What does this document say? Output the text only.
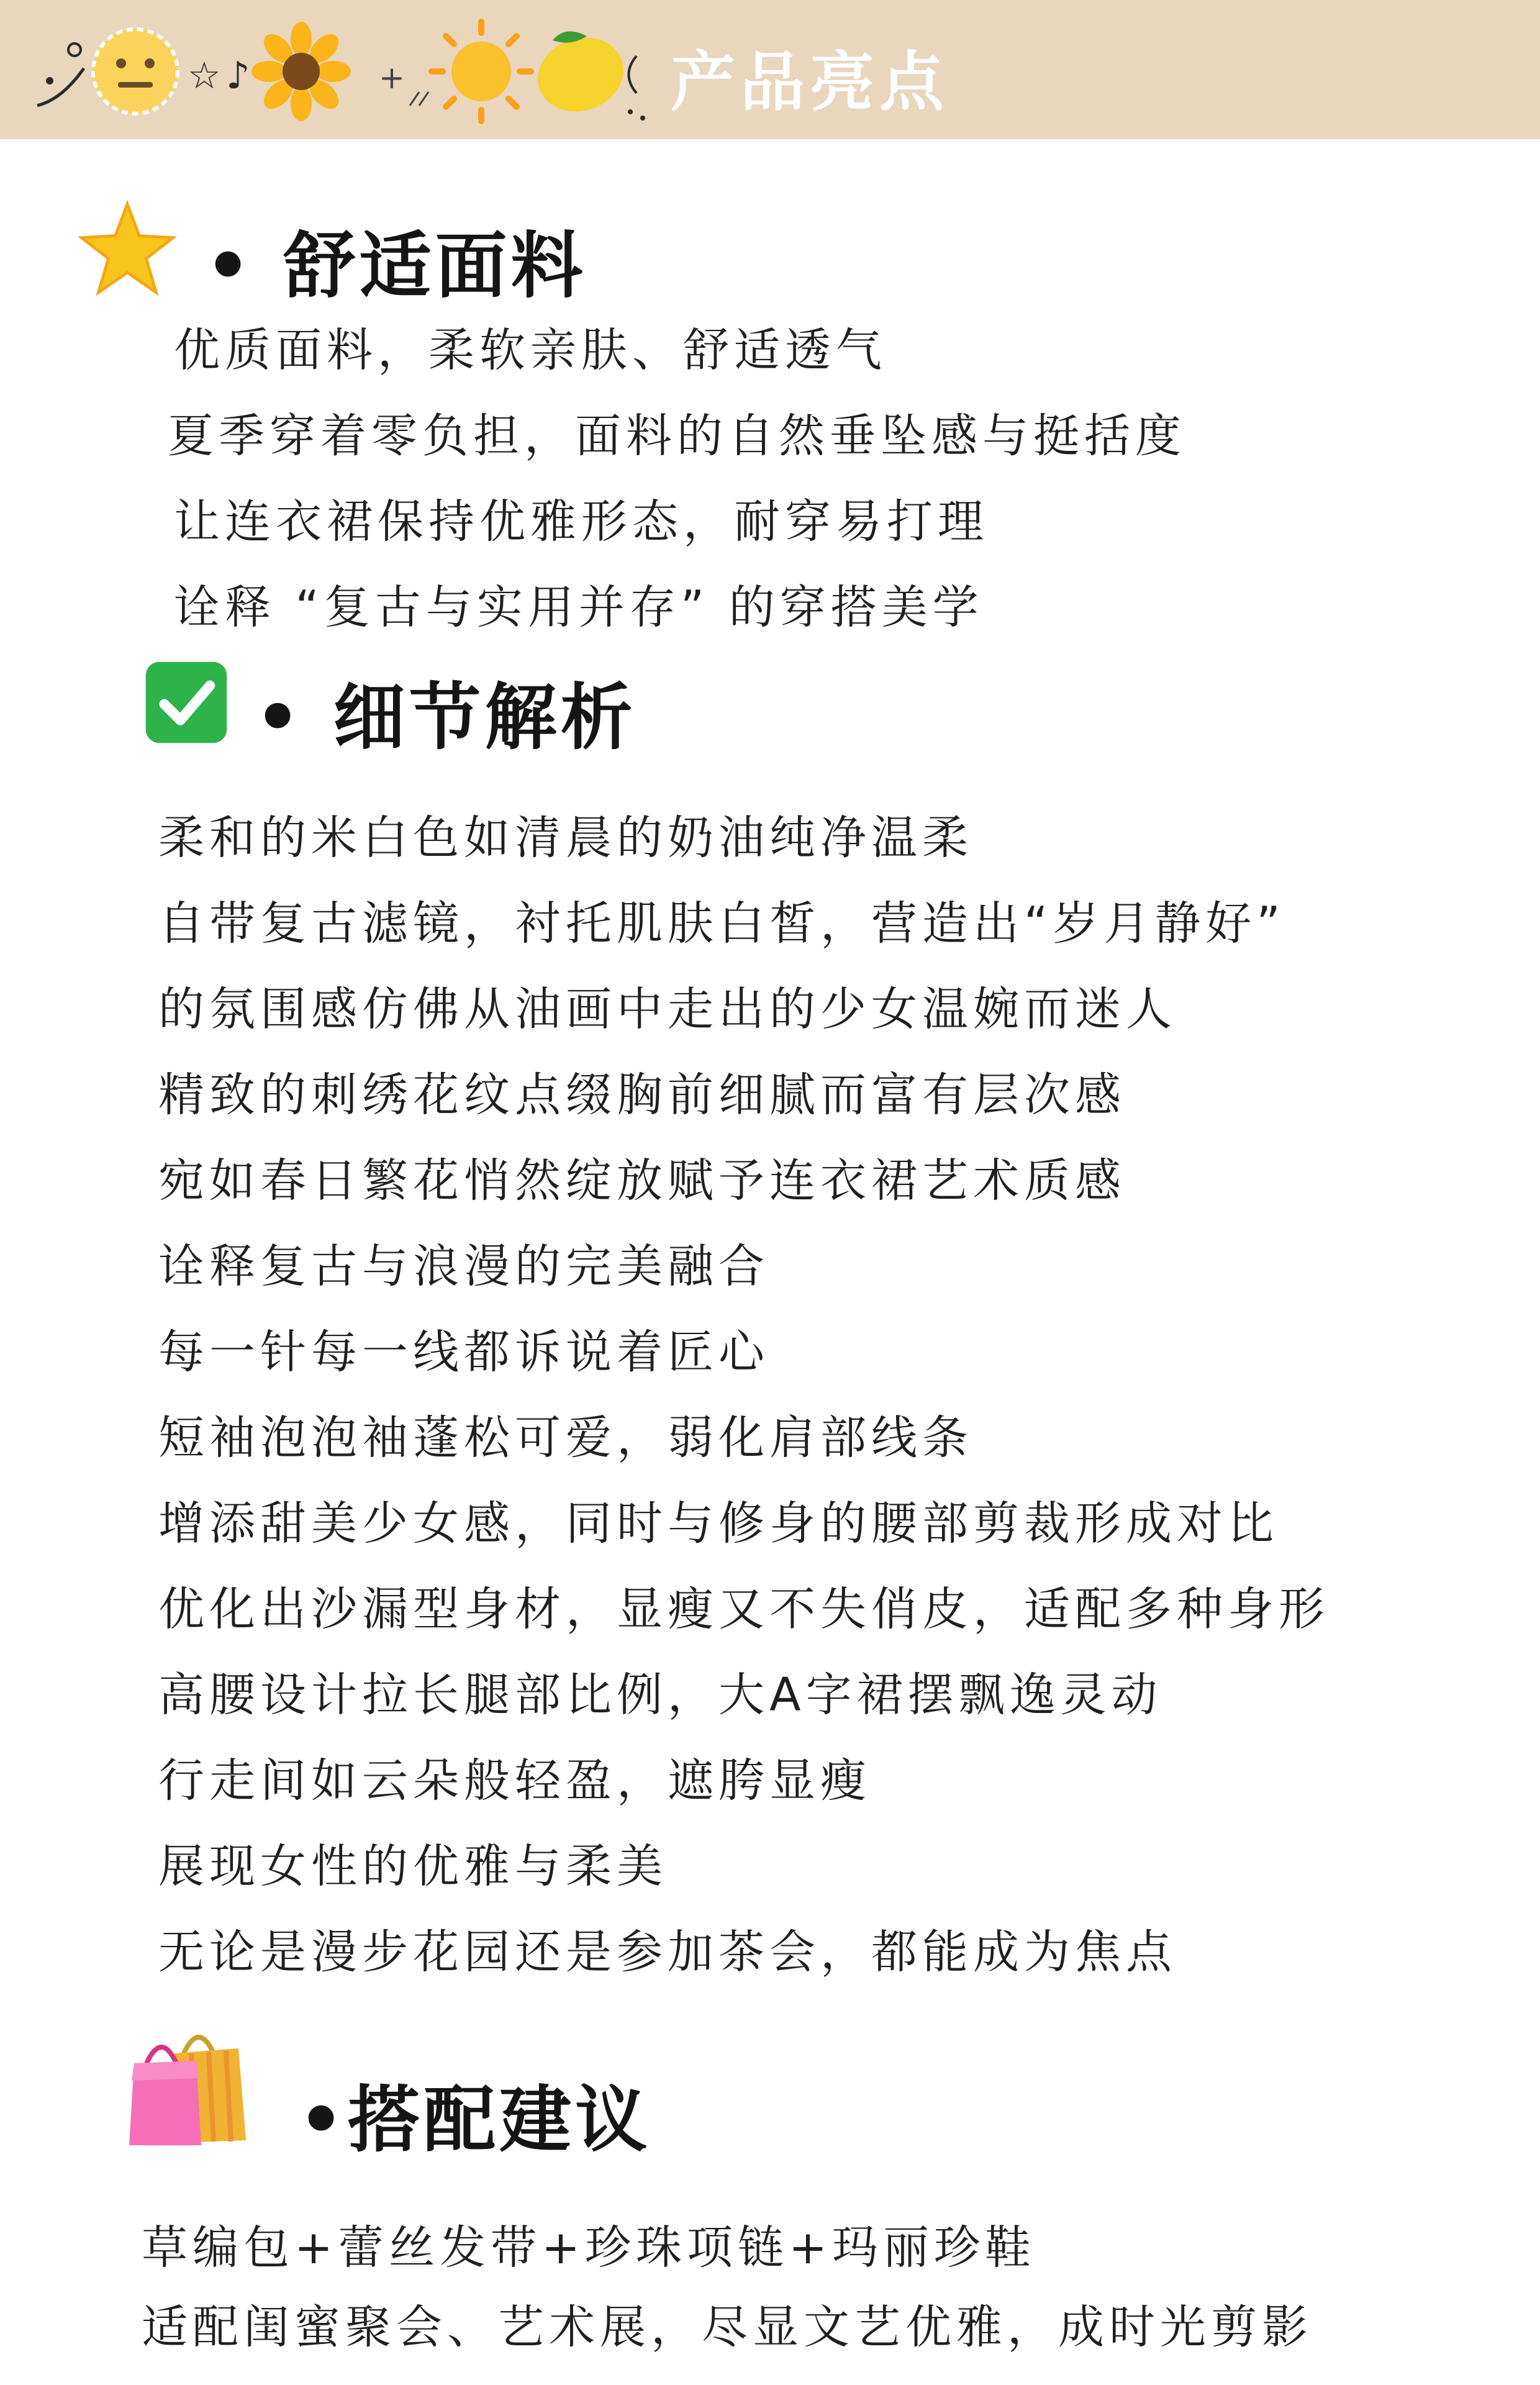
☆ ♪	+	产品亮点
• 舒适面料
优质面料，柔软亲肤、舒适透气
夏季穿着零负担，面料的自然垂坠感与挺括度
让连衣裙保持优雅形态，耐穿易打理
诠释 “复古与实用并存” 的穿搭美学
• 细节解析
柔和的米白色如清晨的奶油纯净温柔
自带复古滤镜，衬托肌肤白皙，营造出“岁月静好”
的氛围感仿佛从油画中走出的少女温婉而迷人
精致的刺绣花纹点缀胸前细腻而富有层次感
宛如春日繁花悄然绽放赋予连衣裙艺术质感
诠释复古与浪漫的完美融合
每一针每一线都诉说着匠心
短袖泡泡袖蓬松可爱，弱化肩部线条
增添甜美少女感，同时与修身的腰部剪裁形成对比
优化出沙漏型身材，显瘦又不失俏皮，适配多种身形
高腰设计拉长腿部比例，大A字裙摆飘逸灵动
行走间如云朵般轻盈，遮胯显瘦
展现女性的优雅与柔美
无论是漫步花园还是参加茶会，都能成为焦点
•搭配建议
草编包+蕾丝发带+珍珠项链+玛丽珍鞋
适配闺蜜聚会、艺术展，尽显文艺优雅，成时光剪影
